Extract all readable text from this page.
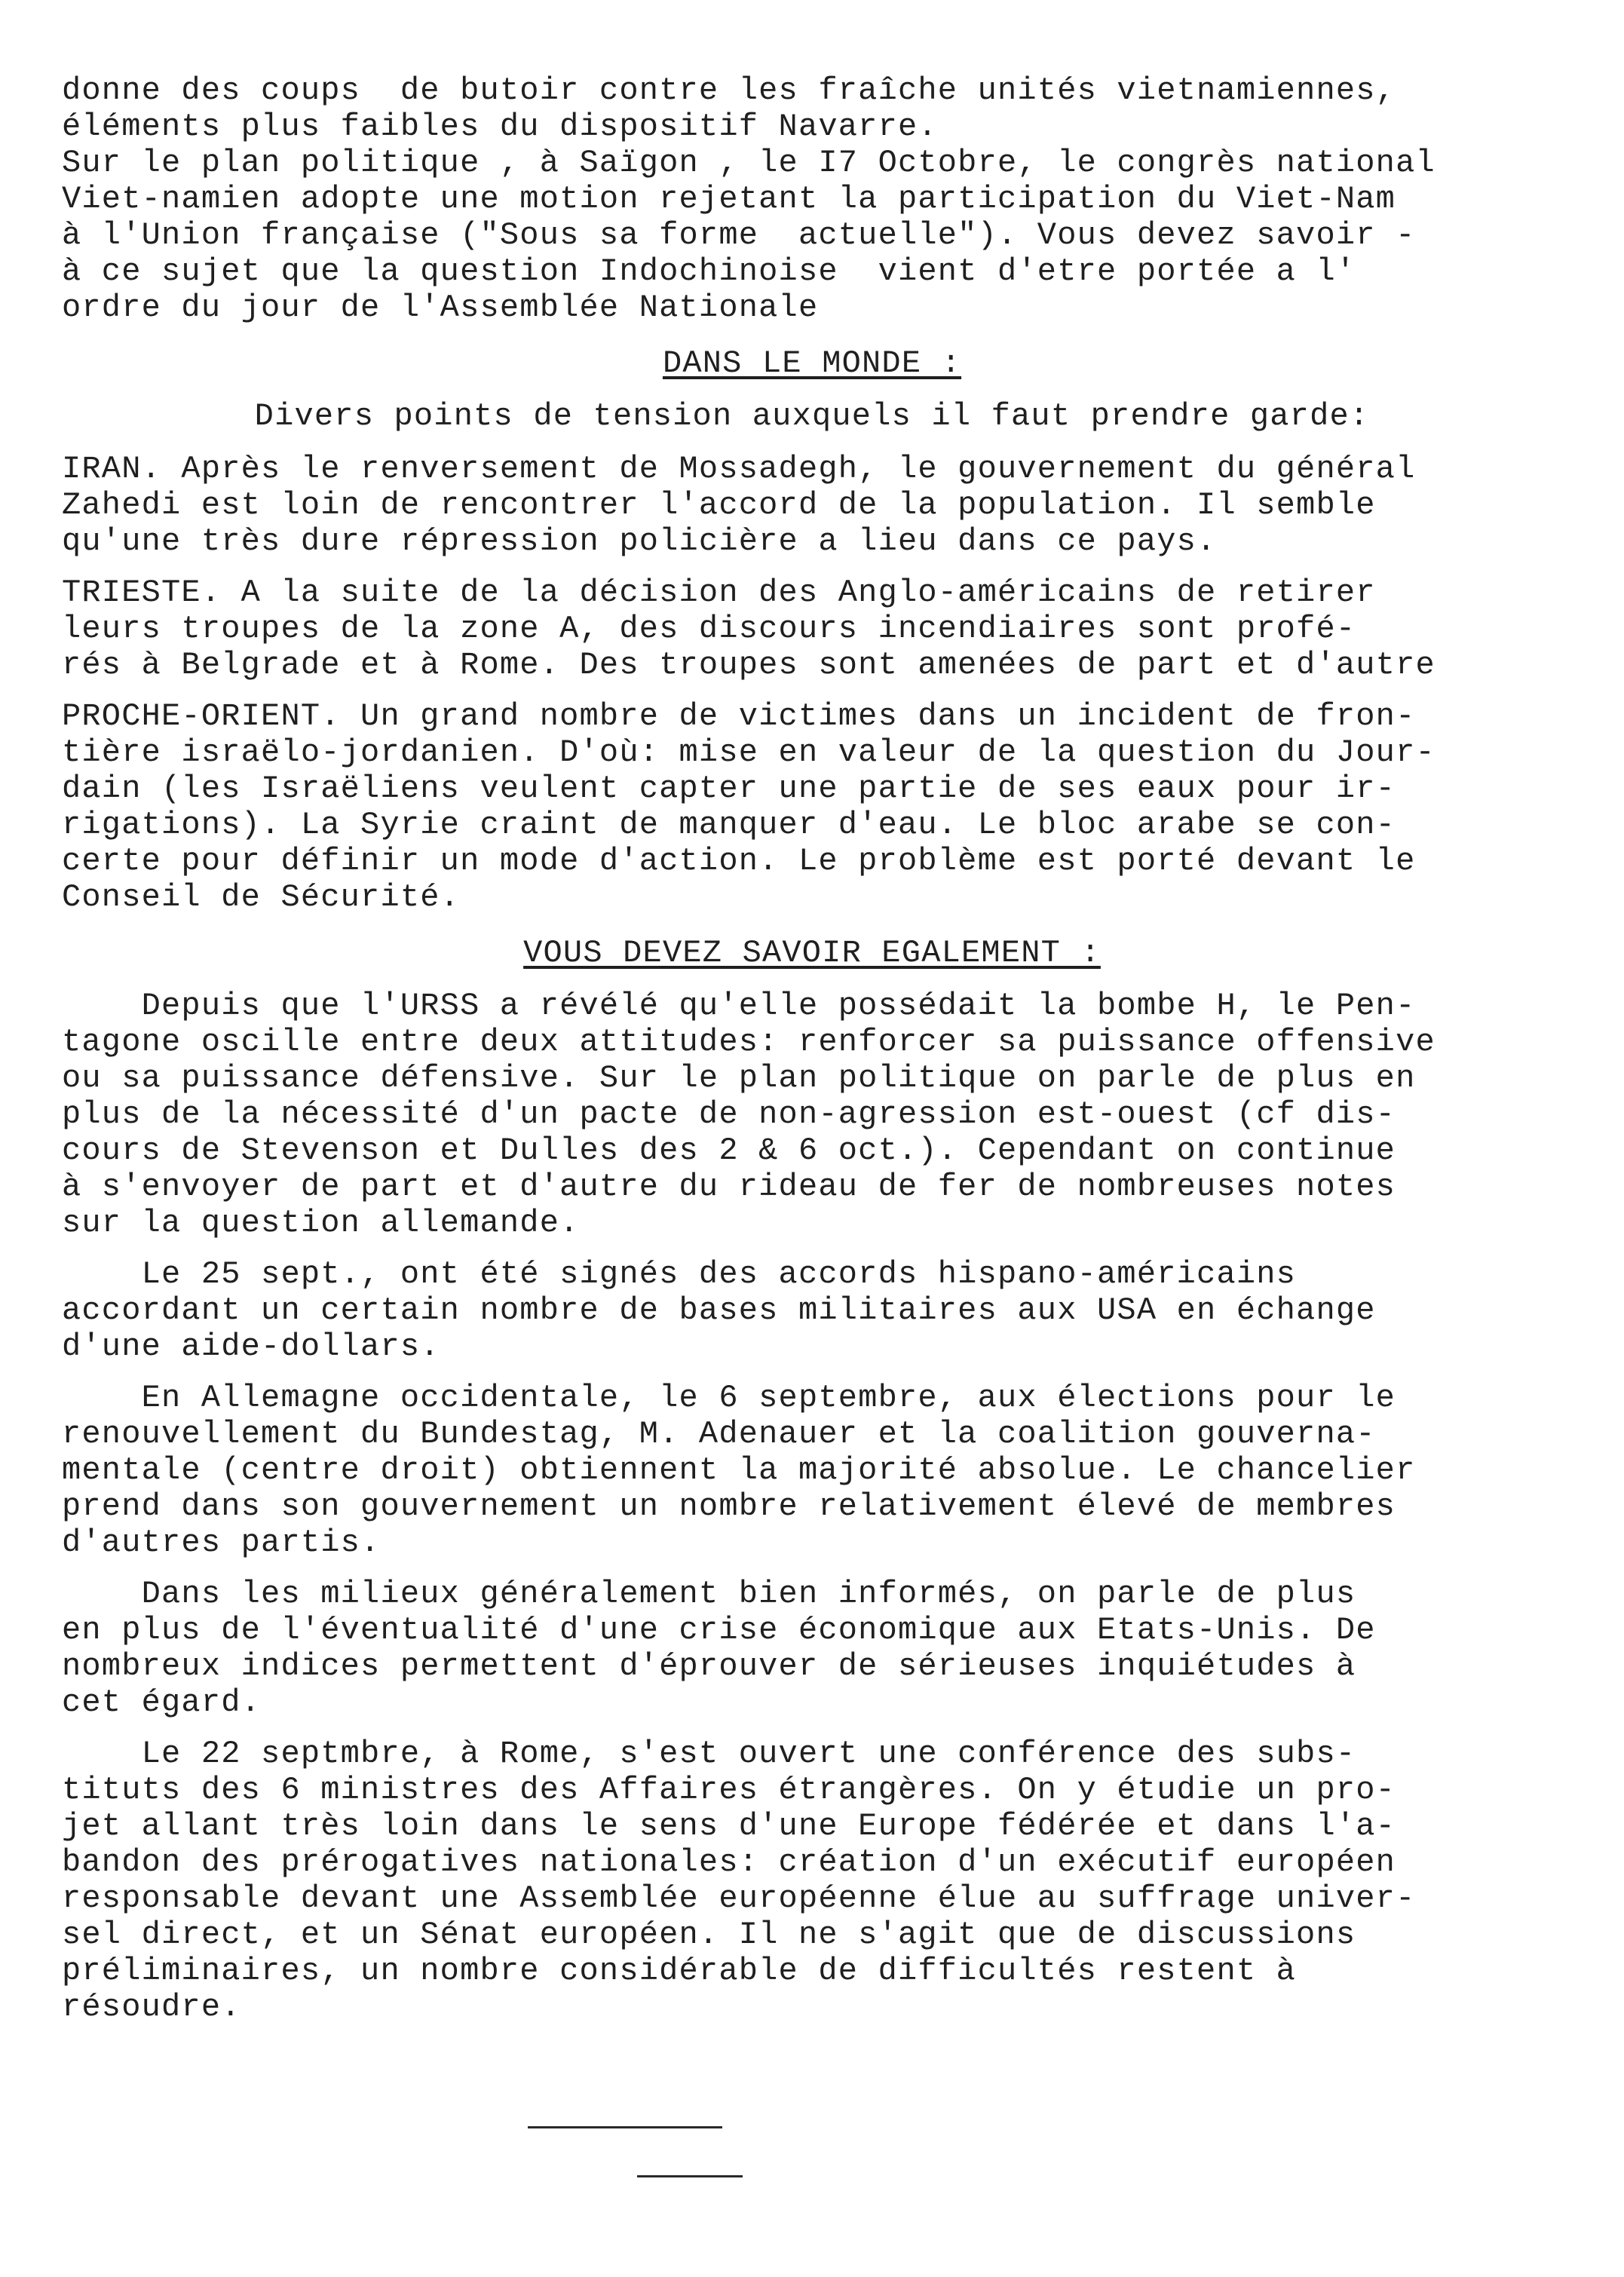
donne des coups  de butoir contre les fraîche unités vietnamiennes,
éléments plus faibles du dispositif Navarre.
Sur le plan politique , à Saïgon , le I7 Octobre, le congrès national
Viet-namien adopte une motion rejetant la participation du Viet-Nam
à l'Union française ("Sous sa forme  actuelle"). Vous devez savoir -
à ce sujet que la question Indochinoise  vient d'etre portée a l'
ordre du jour de l'Assemblée Nationale
DANS LE MONDE :
Divers points de tension auxquels il faut prendre garde:
IRAN. Après le renversement de Mossadegh, le gouvernement du général
Zahedi est loin de rencontrer l'accord de la population. Il semble
qu'une très dure répression policière a lieu dans ce pays.
TRIESTE. A la suite de la décision des Anglo-américains de retirer
leurs troupes de la zone A, des discours incendiaires sont profé-
rés à Belgrade et à Rome. Des troupes sont amenées de part et d'autre
PROCHE-ORIENT. Un grand nombre de victimes dans un incident de fron-
tière israëlo-jordanien. D'où: mise en valeur de la question du Jour-
dain (les Israëliens veulent capter une partie de ses eaux pour ir-
rigations). La Syrie craint de manquer d'eau. Le bloc arabe se con-
certe pour définir un mode d'action. Le problème est porté devant le
Conseil de Sécurité.
VOUS DEVEZ SAVOIR EGALEMENT :
Depuis que l'URSS a révélé qu'elle possédait la bombe H, le Pen-
tagone oscille entre deux attitudes: renforcer sa puissance offensive
ou sa puissance défensive. Sur le plan politique on parle de plus en
plus de la nécessité d'un pacte de non-agression est-ouest (cf dis-
cours de Stevenson et Dulles des 2 & 6 oct.). Cependant on continue
à s'envoyer de part et d'autre du rideau de fer de nombreuses notes
sur la question allemande.
Le 25 sept., ont été signés des accords hispano-américains
accordant un certain nombre de bases militaires aux USA en échange
d'une aide-dollars.
En Allemagne occidentale, le 6 septembre, aux élections pour le
renouvellement du Bundestag, M. Adenauer et la coalition gouverna-
mentale (centre droit) obtiennent la majorité absolue. Le chancelier
prend dans son gouvernement un nombre relativement élevé de membres
d'autres partis.
Dans les milieux généralement bien informés, on parle de plus
en plus de l'éventualité d'une crise économique aux Etats-Unis. De
nombreux indices permettent d'éprouver de sérieuses inquiétudes à
cet égard.
Le 22 septmbre, à Rome, s'est ouvert une conférence des subs-
tituts des 6 ministres des Affaires étrangères. On y étudie un pro-
jet allant très loin dans le sens d'une Europe fédérée et dans l'a-
bandon des prérogatives nationales: création d'un exécutif européen
responsable devant une Assemblée européenne élue au suffrage univer-
sel direct, et un Sénat européen. Il ne s'agit que de discussions
préliminaires, un nombre considérable de difficultés restent à
résoudre.
